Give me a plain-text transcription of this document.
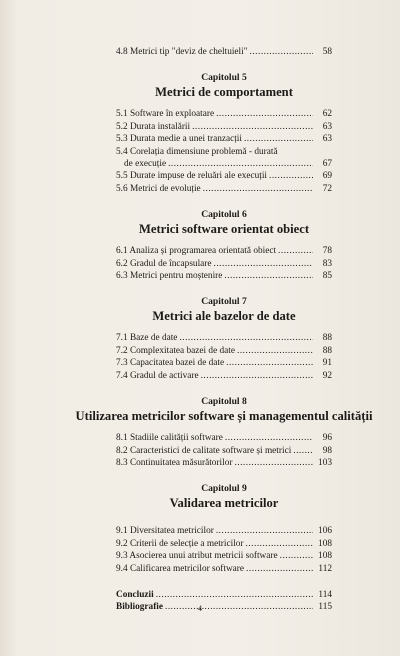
4.8 Metrici tip "deviz de cheltuieli" .....	58
Capitolul 5
Metrici de comportament
5.1 Software în exploatare .....	62
5.2 Durata instalării .....	63
5.3 Durata medie a unei tranzacții .....	63
5.4 Corelația dimensiune problemă - durată
de execuție .....	67
5.5 Durate impuse de reluări ale execuții .....	69
5.6 Metrici de evoluție .....	72
Capitolul 6
Metrici software orientat obiect
6.1 Analiza și programarea orientată obiect .....	78
6.2 Gradul de încapsulare .....	83
6.3 Metrici pentru moștenire .....	85
Capitolul 7
Metrici ale bazelor de date
7.1 Baze de date .....	88
7.2 Complexitatea bazei de date .....	88
7.3 Capacitatea bazei de date .....	91
7.4 Gradul de activare .....	92
Capitolul 8
Utilizarea metricilor software și managementul calității
8.1 Stadiile calității software .....	96
8.2 Caracteristici de calitate software și metrici .....	98
8.3 Continuitatea măsurătorilor .....	103
Capitolul 9
Validarea metricilor
9.1 Diversitatea metricilor .....	106
9.2 Criterii de selecție a metricilor .....	108
9.3 Asocierea unui atribut metricii software .....	108
9.4 Calificarea metricilor software .....	112
Concluzii .....	114
Bibliografie .....	115
4
